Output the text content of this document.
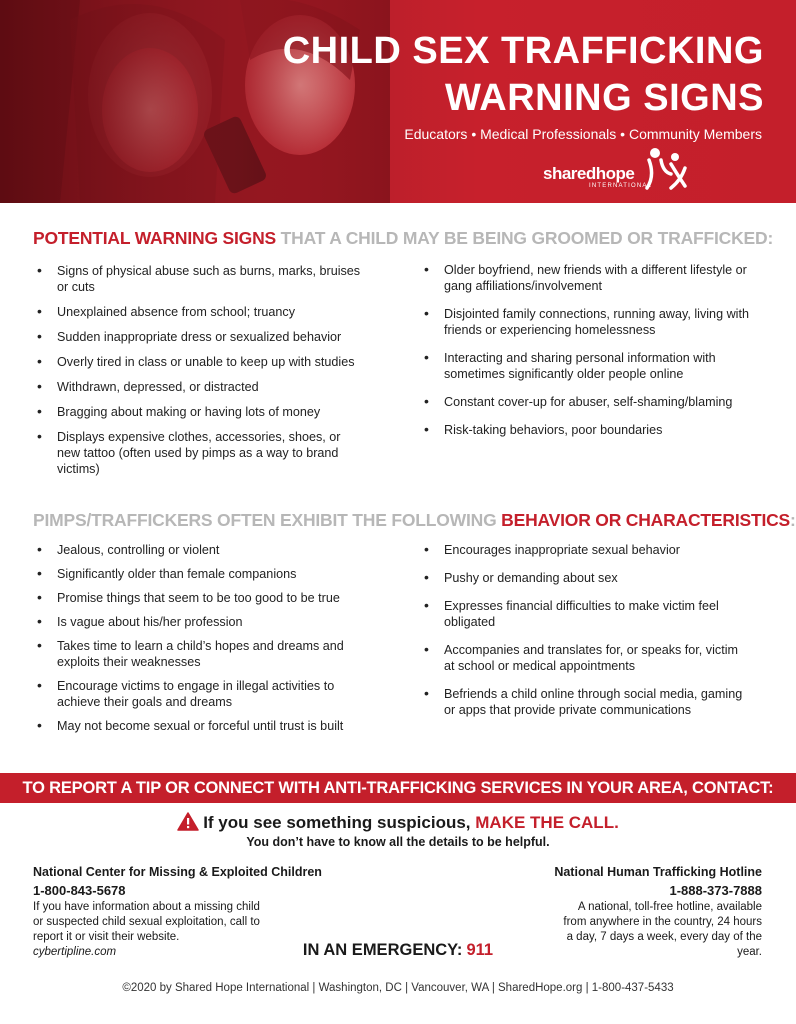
CHILD SEX TRAFFICKING
WARNING SIGNS
Educators • Medical Professionals • Community Members
sharedhope
INTERNATIONAL
POTENTIAL WARNING SIGNS THAT A CHILD MAY BE BEING GROOMED OR TRAFFICKED:
• Signs of physical abuse such as burns, marks, bruises or cuts
• Unexplained absence from school; truancy
• Sudden inappropriate dress or sexualized behavior
• Overly tired in class or unable to keep up with studies
• Withdrawn, depressed, or distracted
• Bragging about making or having lots of money
• Displays expensive clothes, accessories, shoes, or new tattoo (often used by pimps as a way to brand victims)
• Older boyfriend, new friends with a different lifestyle or gang affiliations/involvement
• Disjointed family connections, running away, living with friends or experiencing homelessness
• Interacting and sharing personal information with sometimes significantly older people online
• Constant cover-up for abuser, self-shaming/blaming
• Risk-taking behaviors, poor boundaries
PIMPS/TRAFFICKERS OFTEN EXHIBIT THE FOLLOWING BEHAVIOR OR CHARACTERISTICS:
• Jealous, controlling or violent
• Significantly older than female companions
• Promise things that seem to be too good to be true
• Is vague about his/her profession
• Takes time to learn a child’s hopes and dreams and exploits their weaknesses
• Encourage victims to engage in illegal activities to achieve their goals and dreams
• May not become sexual or forceful until trust is built
• Encourages inappropriate sexual behavior
• Pushy or demanding about sex
• Expresses financial difficulties to make victim feel obligated
• Accompanies and translates for, or speaks for, victim at school or medical appointments
• Befriends a child online through social media, gaming or apps that provide private communications
TO REPORT A TIP OR CONNECT WITH ANTI-TRAFFICKING SERVICES IN YOUR AREA, CONTACT:
If you see something suspicious, MAKE THE CALL.
You don’t have to know all the details to be helpful.
National Center for Missing & Exploited Children
1-800-843-5678
If you have information about a missing child or suspected child sexual exploitation, call to report it or visit their website.
cybertipline.com
National Human Trafficking Hotline
1-888-373-7888
A national, toll-free hotline, available from anywhere in the country, 24 hours a day, 7 days a week, every day of the year.
IN AN EMERGENCY: 911
©2020 by Shared Hope International | Washington, DC | Vancouver, WA | SharedHope.org | 1-800-437-5433
